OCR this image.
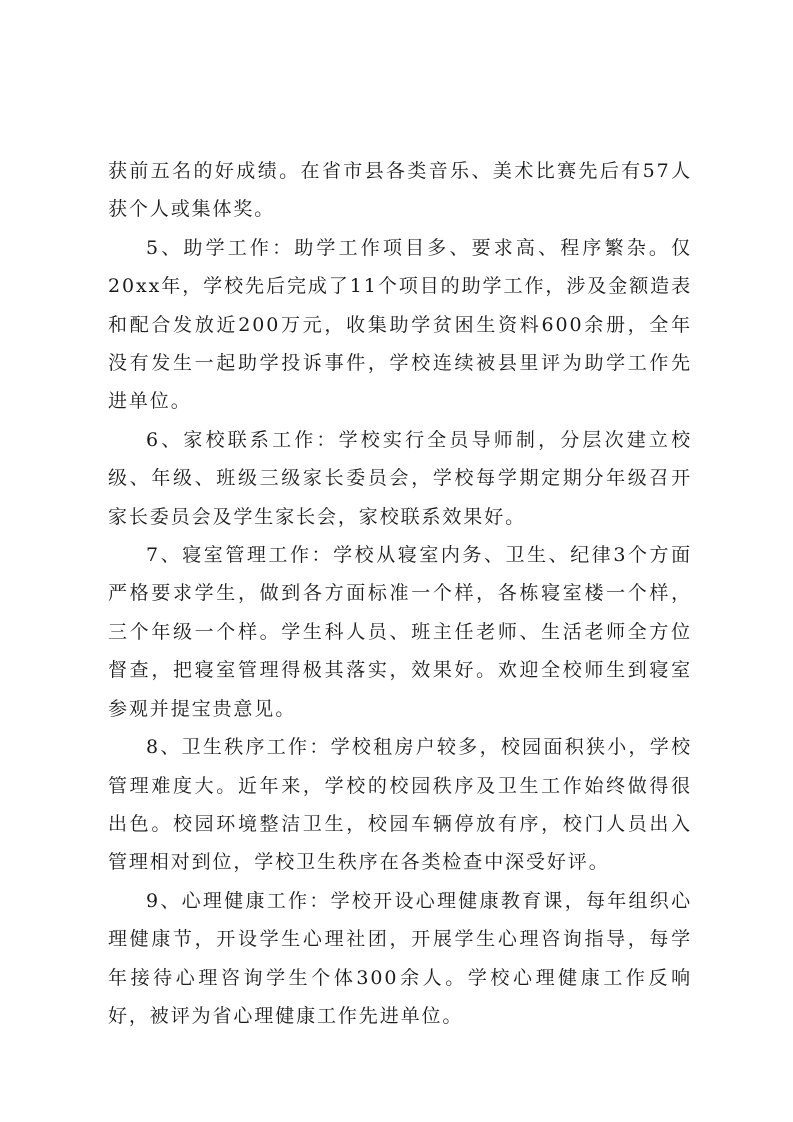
获前五名的好成绩。在省市县各类音乐、美术比赛先后有57人获个人或集体奖。

5、助学工作：助学工作项目多、要求高、程序繁杂。仅20xx年，学校先后完成了11个项目的助学工作，涉及金额造表和配合发放近200万元，收集助学贫困生资料600余册，全年没有发生一起助学投诉事件，学校连续被县里评为助学工作先进单位。

6、家校联系工作：学校实行全员导师制，分层次建立校级、年级、班级三级家长委员会，学校每学期定期分年级召开家长委员会及学生家长会，家校联系效果好。

7、寝室管理工作：学校从寝室内务、卫生、纪律3个方面严格要求学生，做到各方面标准一个样，各栋寝室楼一个样，三个年级一个样。学生科人员、班主任老师、生活老师全方位督查，把寝室管理得极其落实，效果好。欢迎全校师生到寝室参观并提宝贵意见。

8、卫生秩序工作：学校租房户较多，校园面积狭小，学校管理难度大。近年来，学校的校园秩序及卫生工作始终做得很出色。校园环境整洁卫生，校园车辆停放有序，校门人员出入管理相对到位，学校卫生秩序在各类检查中深受好评。

9、心理健康工作：学校开设心理健康教育课，每年组织心理健康节，开设学生心理社团，开展学生心理咨询指导，每学年接待心理咨询学生个体300余人。学校心理健康工作反响好，被评为省心理健康工作先进单位。
